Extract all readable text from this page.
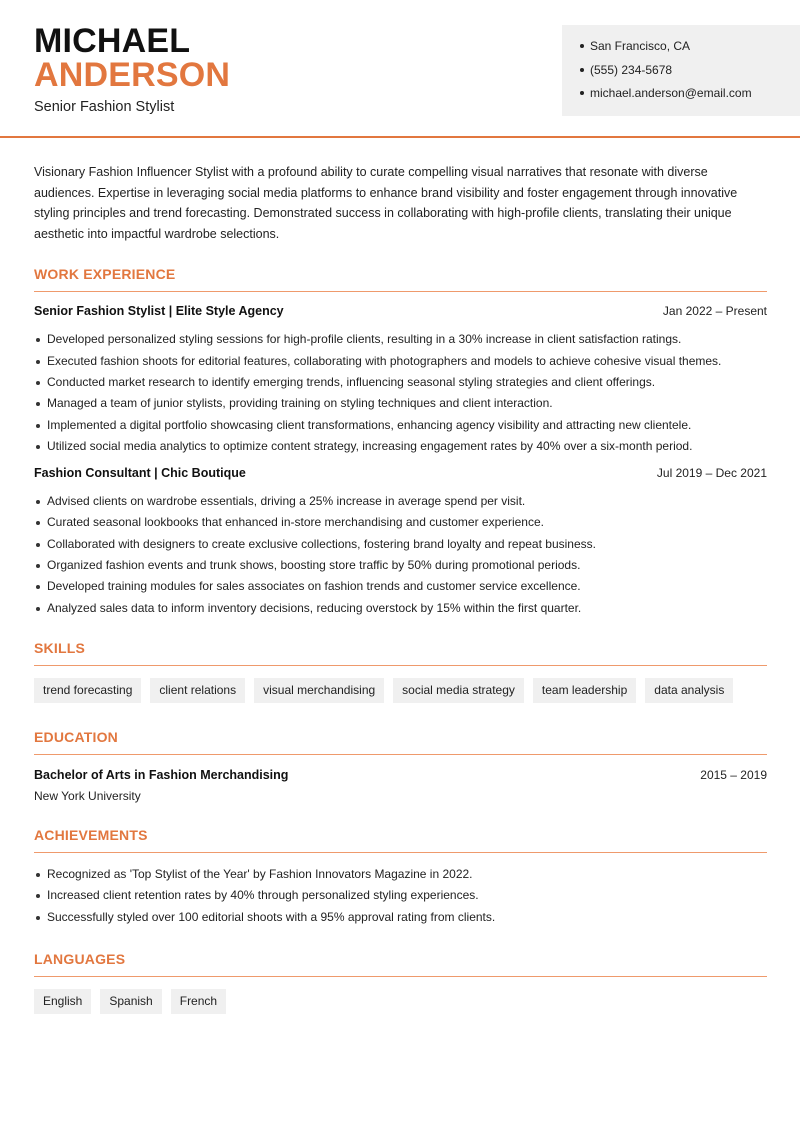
MICHAEL
ANDERSON
Senior Fashion Stylist
San Francisco, CA
(555) 234-5678
michael.anderson@email.com

Visionary Fashion Influencer Stylist with a profound ability to curate compelling visual narratives that resonate with diverse audiences. Expertise in leveraging social media platforms to enhance brand visibility and foster engagement through innovative styling principles and trend forecasting. Demonstrated success in collaborating with high-profile clients, translating their unique aesthetic into impactful wardrobe selections.

WORK EXPERIENCE
Senior Fashion Stylist | Elite Style Agency	Jan 2022 – Present
Developed personalized styling sessions for high-profile clients, resulting in a 30% increase in client satisfaction ratings.
Executed fashion shoots for editorial features, collaborating with photographers and models to achieve cohesive visual themes.
Conducted market research to identify emerging trends, influencing seasonal styling strategies and client offerings.
Managed a team of junior stylists, providing training on styling techniques and client interaction.
Implemented a digital portfolio showcasing client transformations, enhancing agency visibility and attracting new clientele.
Utilized social media analytics to optimize content strategy, increasing engagement rates by 40% over a six-month period.
Fashion Consultant | Chic Boutique	Jul 2019 – Dec 2021
Advised clients on wardrobe essentials, driving a 25% increase in average spend per visit.
Curated seasonal lookbooks that enhanced in-store merchandising and customer experience.
Collaborated with designers to create exclusive collections, fostering brand loyalty and repeat business.
Organized fashion events and trunk shows, boosting store traffic by 50% during promotional periods.
Developed training modules for sales associates on fashion trends and customer service excellence.
Analyzed sales data to inform inventory decisions, reducing overstock by 15% within the first quarter.
SKILLS
trend forecasting	client relations	visual merchandising	social media strategy	team leadership	data analysis
EDUCATION
Bachelor of Arts in Fashion Merchandising	2015 – 2019
New York University
ACHIEVEMENTS
Recognized as 'Top Stylist of the Year' by Fashion Innovators Magazine in 2022.
Increased client retention rates by 40% through personalized styling experiences.
Successfully styled over 100 editorial shoots with a 95% approval rating from clients.
LANGUAGES
English	Spanish	French
